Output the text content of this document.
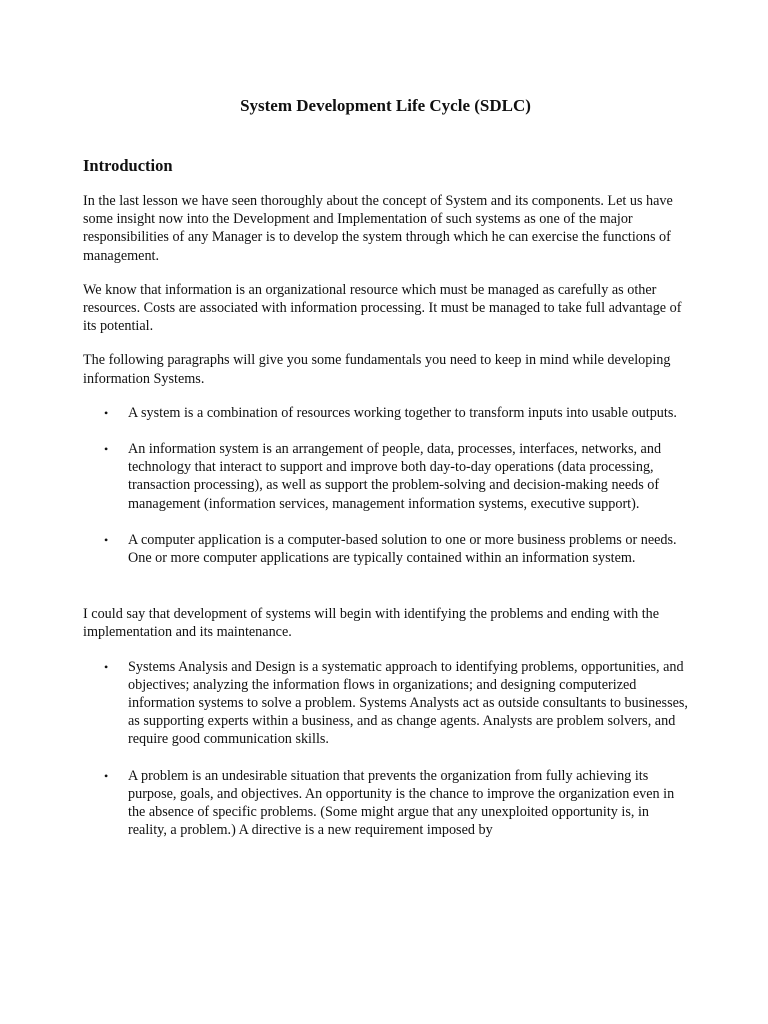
System Development Life Cycle (SDLC)
Introduction

In the last lesson we have seen thoroughly about the concept of System and its components. Let us have some insight now into the Development and Implementation of such systems as one of the major responsibilities of any Manager is to develop the system through which he can exercise the functions of management.

We know that information is an organizational resource which must be managed as carefully as other resources. Costs are associated with information processing. It must be managed to take full advantage of its potential.

The following paragraphs will give you some fundamentals you need to keep in mind while developing information Systems.

• A system is a combination of resources working together to transform inputs into usable outputs.
• An information system is an arrangement of people, data, processes, interfaces, networks, and technology that interact to support and improve both day-to-day operations (data processing, transaction processing), as well as support the problem-solving and decision-making needs of management (information services, management information systems, executive support).
• A computer application is a computer-based solution to one or more business problems or needs. One or more computer applications are typically contained within an information system.

I could say that development of systems will begin with identifying the problems and ending with the implementation and its maintenance.

• Systems Analysis and Design is a systematic approach to identifying problems, opportunities, and objectives; analyzing the information flows in organizations; and designing computerized information systems to solve a problem. Systems Analysts act as outside consultants to businesses, as supporting experts within a business, and as change agents. Analysts are problem solvers, and require good communication skills.
• A problem is an undesirable situation that prevents the organization from fully achieving its purpose, goals, and objectives. An opportunity is the chance to improve the organization even in the absence of specific problems. (Some might argue that any unexploited opportunity is, in reality, a problem.) A directive is a new requirement imposed by
